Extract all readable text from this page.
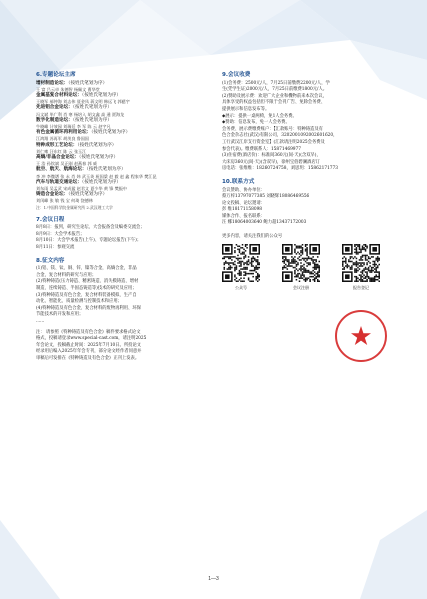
6.专题论坛主席
增材制造论坛：（按姓氏笔划为序）
王 富 吕云卓 朱德智 杨佩文 曹华堂
金属基复合材料论坛：（按姓氏笔划为序）
王晓军 郝仲海 刘志伟 聂金凤 蒋文明 韩远飞 郭慈宇
先进铝合金论坛：（按姓氏笔划为序）
冯文斌 毕广利 肖 寒 杨培入 胡文鑫 高 通 贾海龙
数字化制造论坛：（按姓氏笔划为序）
牛晓峰 计效园 刘瑞廷 李 军 陈 云 赵宇凡
有色金属循环再利用论坛：（按姓氏笔划为序）
江鸿翔 苏再军 胡茂良 鲁国国
特种成形工艺论坛：（按姓氏笔划为序）
刘仁雍 汪东红 陈 云 张玉江
高熵/非晶合金论坛：（按姓氏笔划为序）
王 浩 孙钦斌 吴正刚 赵燕春 郭 威
航空、航天、航海论坛：（按姓氏笔划为序）
李 冲 李微谱 张 永 肖 炜 武玉英 祝国梁 赵 毅 赵 鑫 程家华 樊江昆
汽车与轨道交通论坛：（按姓氏笔划为序）
刘东雨 吴孟武 宋成猛 赵君文 夏少华 黄 锋 樊振中
铸造合金论坛：（按姓氏笔划为序）
刘闰峰 张 敏 钱 宝 何琦 饶德林
注：1.中国科学院金属研究所 2.武汉理工大学
7.会议日程
8月8日：报到，研究生论坛、大会报备会及编委交流会；
8月9日：大会学术报告；
8月10日：大会学术报告(上午)、专题论坛报告(下午)；
8月11日：参观交流
8.征文内容
(1)铝、镁、钛、铜、锌、镍等合金，高熵合金，非晶
合金，复合材料的研究与应用；
(2)特种铸造(压力铸造、精密铸造、消失模铸造、增材
制造、连续铸造、半固态铸造等)技术的研究及应用；
(3)特种铸造及有色合金、复合材料装备模拟、生产自
动化、智能化、质量检测与控制技术和应用；
(4)特种铸造及有色合金、复合材料的废物再利用、环保
节能技术的开发和应用；
......
注： 请参照《特种铸造及有色合金》稿件要求格式论文
格式，投稿请登录www.special-cast.com，请注明2025
年会论文，投稿截止时间：2025年7月10日。所投论文
经录用后编入2025年年会专刊，部分论文经作者同意并
审稿后可发排在《特种铸造及有色合金》正刊上发表。
9.会议收费
(1)会务费：2500元/人，7月25日前缴费2200元/人，学
生(凭学生证)2000元/人，7月25日前缴费1800元/人。
(2)赞助及展示费：欢迎广大企业和機物前来本次会议，
具体享受的权益包括但不限于会刊广告、免除会务费、
提供展示和信息发布等。
◆展示：提供一桌两椅，免1人会务费。
◆赞助：信息发布，免一人会务费。
会务费、展示费缴费账户：【汇款账号：特种铸造及有
色合金杂志社(武汉)有限公司，3202001092002601620，
工行武汉江岸支行资金室】(汇款请注明2025会务费及
参会代表)。缴费联系人：15871469977
(3)住宿费(酒店价)：标准间360元(间·天)(含双早)，
大床房360元(间·天)(含双早)，徐州宝佰碧澜酒店订
房电话：张维维：18260724758，刘思玥：15862171773
10.联系方式
会议赞助、协办单位：
蔡万梓13797077385 刘晓辉18086469556
论文投稿、论坛邀请：
彭 维18171158098
媒体合作、报名联系：
汪 娜18064003640 鲍力超13437172003

更多内容，请关注我们的公众号
公众号	会议注册	报告登记
1—3
